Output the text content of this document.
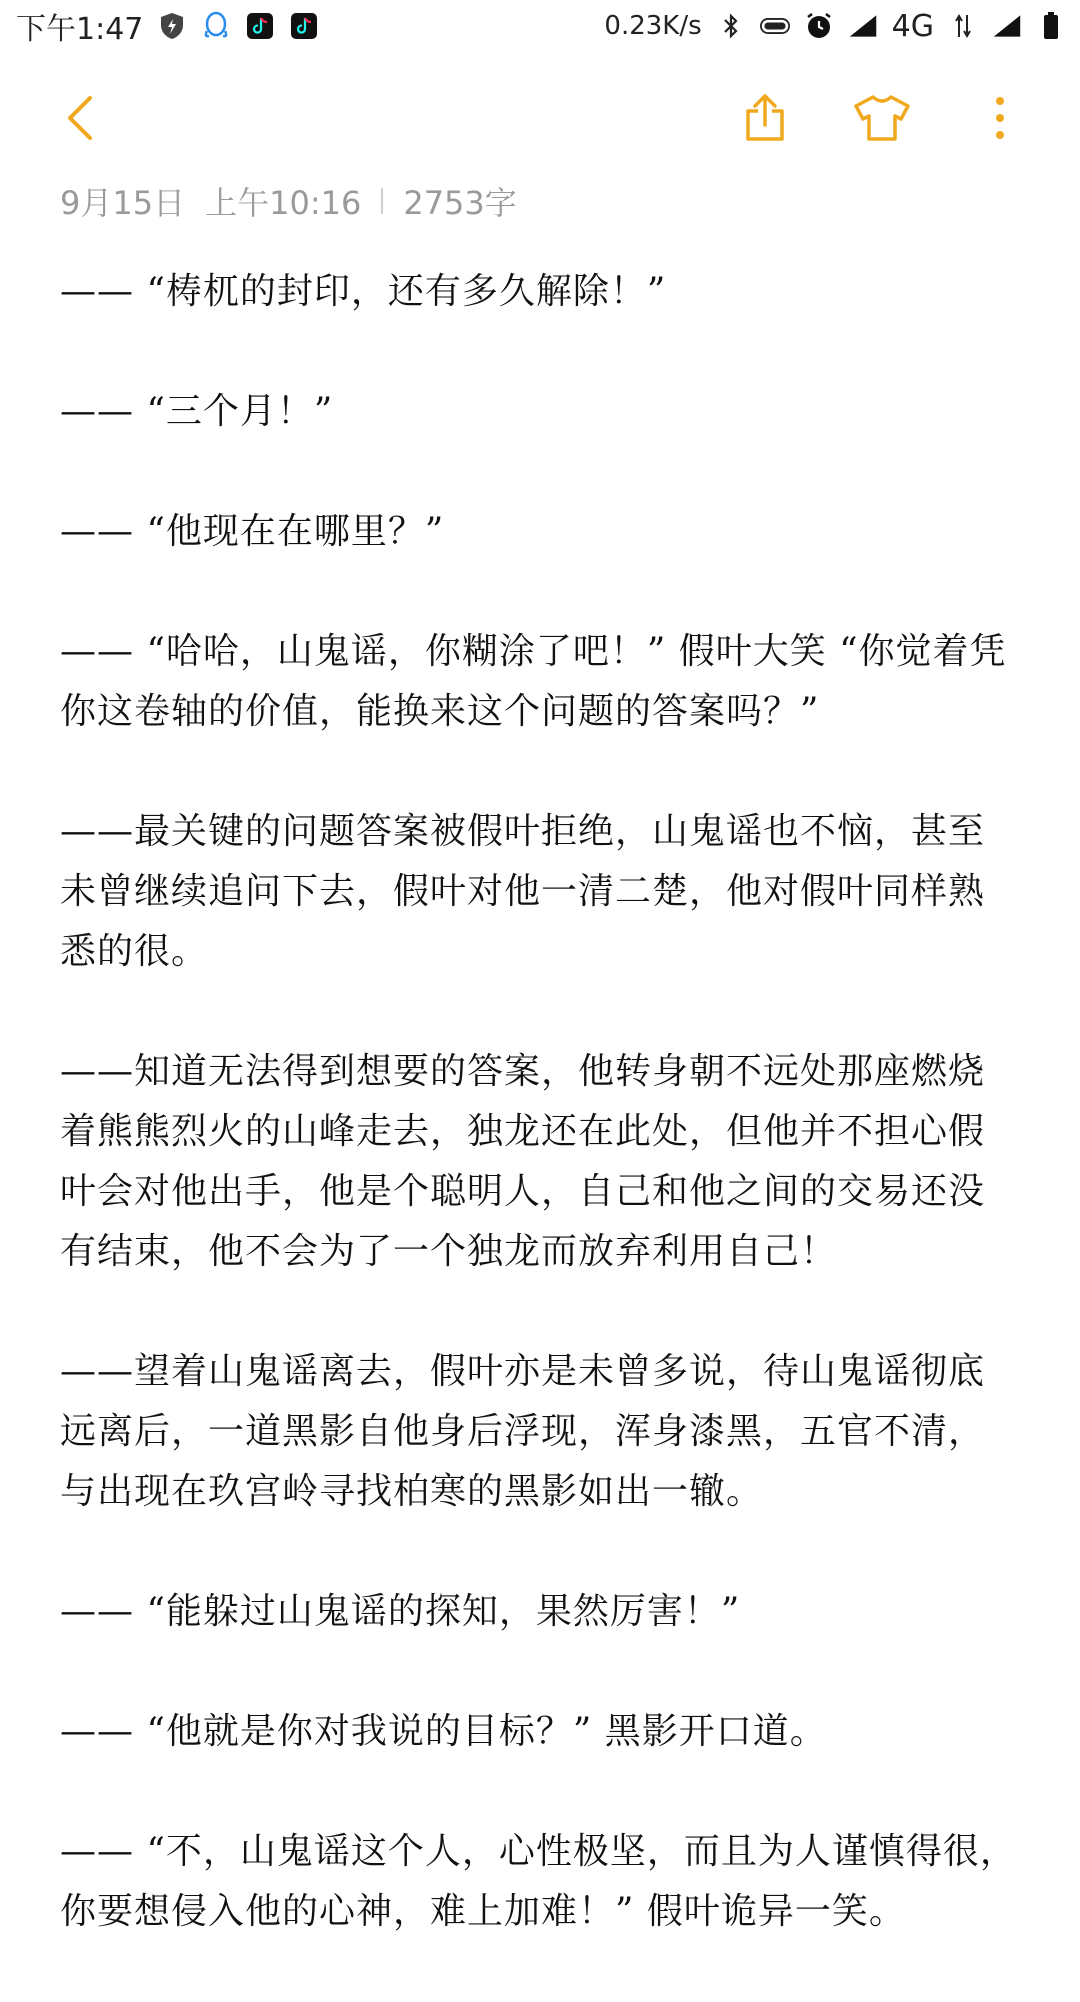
下午1:47	0.23K/s	4G
9月15日 上午10:16 2753字

—— “梼杌的封印，还有多久解除！”

—— “三个月！”

—— “他现在在哪里？”

—— “哈哈，山鬼谣，你糊涂了吧！” 假叶大笑 “你觉着凭你这卷轴的价值，能换来这个问题的答案吗？”

——最关键的问题答案被假叶拒绝，山鬼谣也不恼，甚至未曾继续追问下去，假叶对他一清二楚，他对假叶同样熟悉的很。

——知道无法得到想要的答案，他转身朝不远处那座燃烧着熊熊烈火的山峰走去，独龙还在此处，但他并不担心假叶会对他出手，他是个聪明人，自己和他之间的交易还没有结束，他不会为了一个独龙而放弃利用自己！

——望着山鬼谣离去，假叶亦是未曾多说，待山鬼谣彻底远离后，一道黑影自他身后浮现，浑身漆黑，五官不清，与出现在玖宫岭寻找柏寒的黑影如出一辙。

—— “能躲过山鬼谣的探知，果然厉害！”

—— “他就是你对我说的目标？” 黑影开口道。

—— “不，山鬼谣这个人，心性极坚，而且为人谨慎得很，你要想侵入他的心神，难上加难！” 假叶诡异一笑。
